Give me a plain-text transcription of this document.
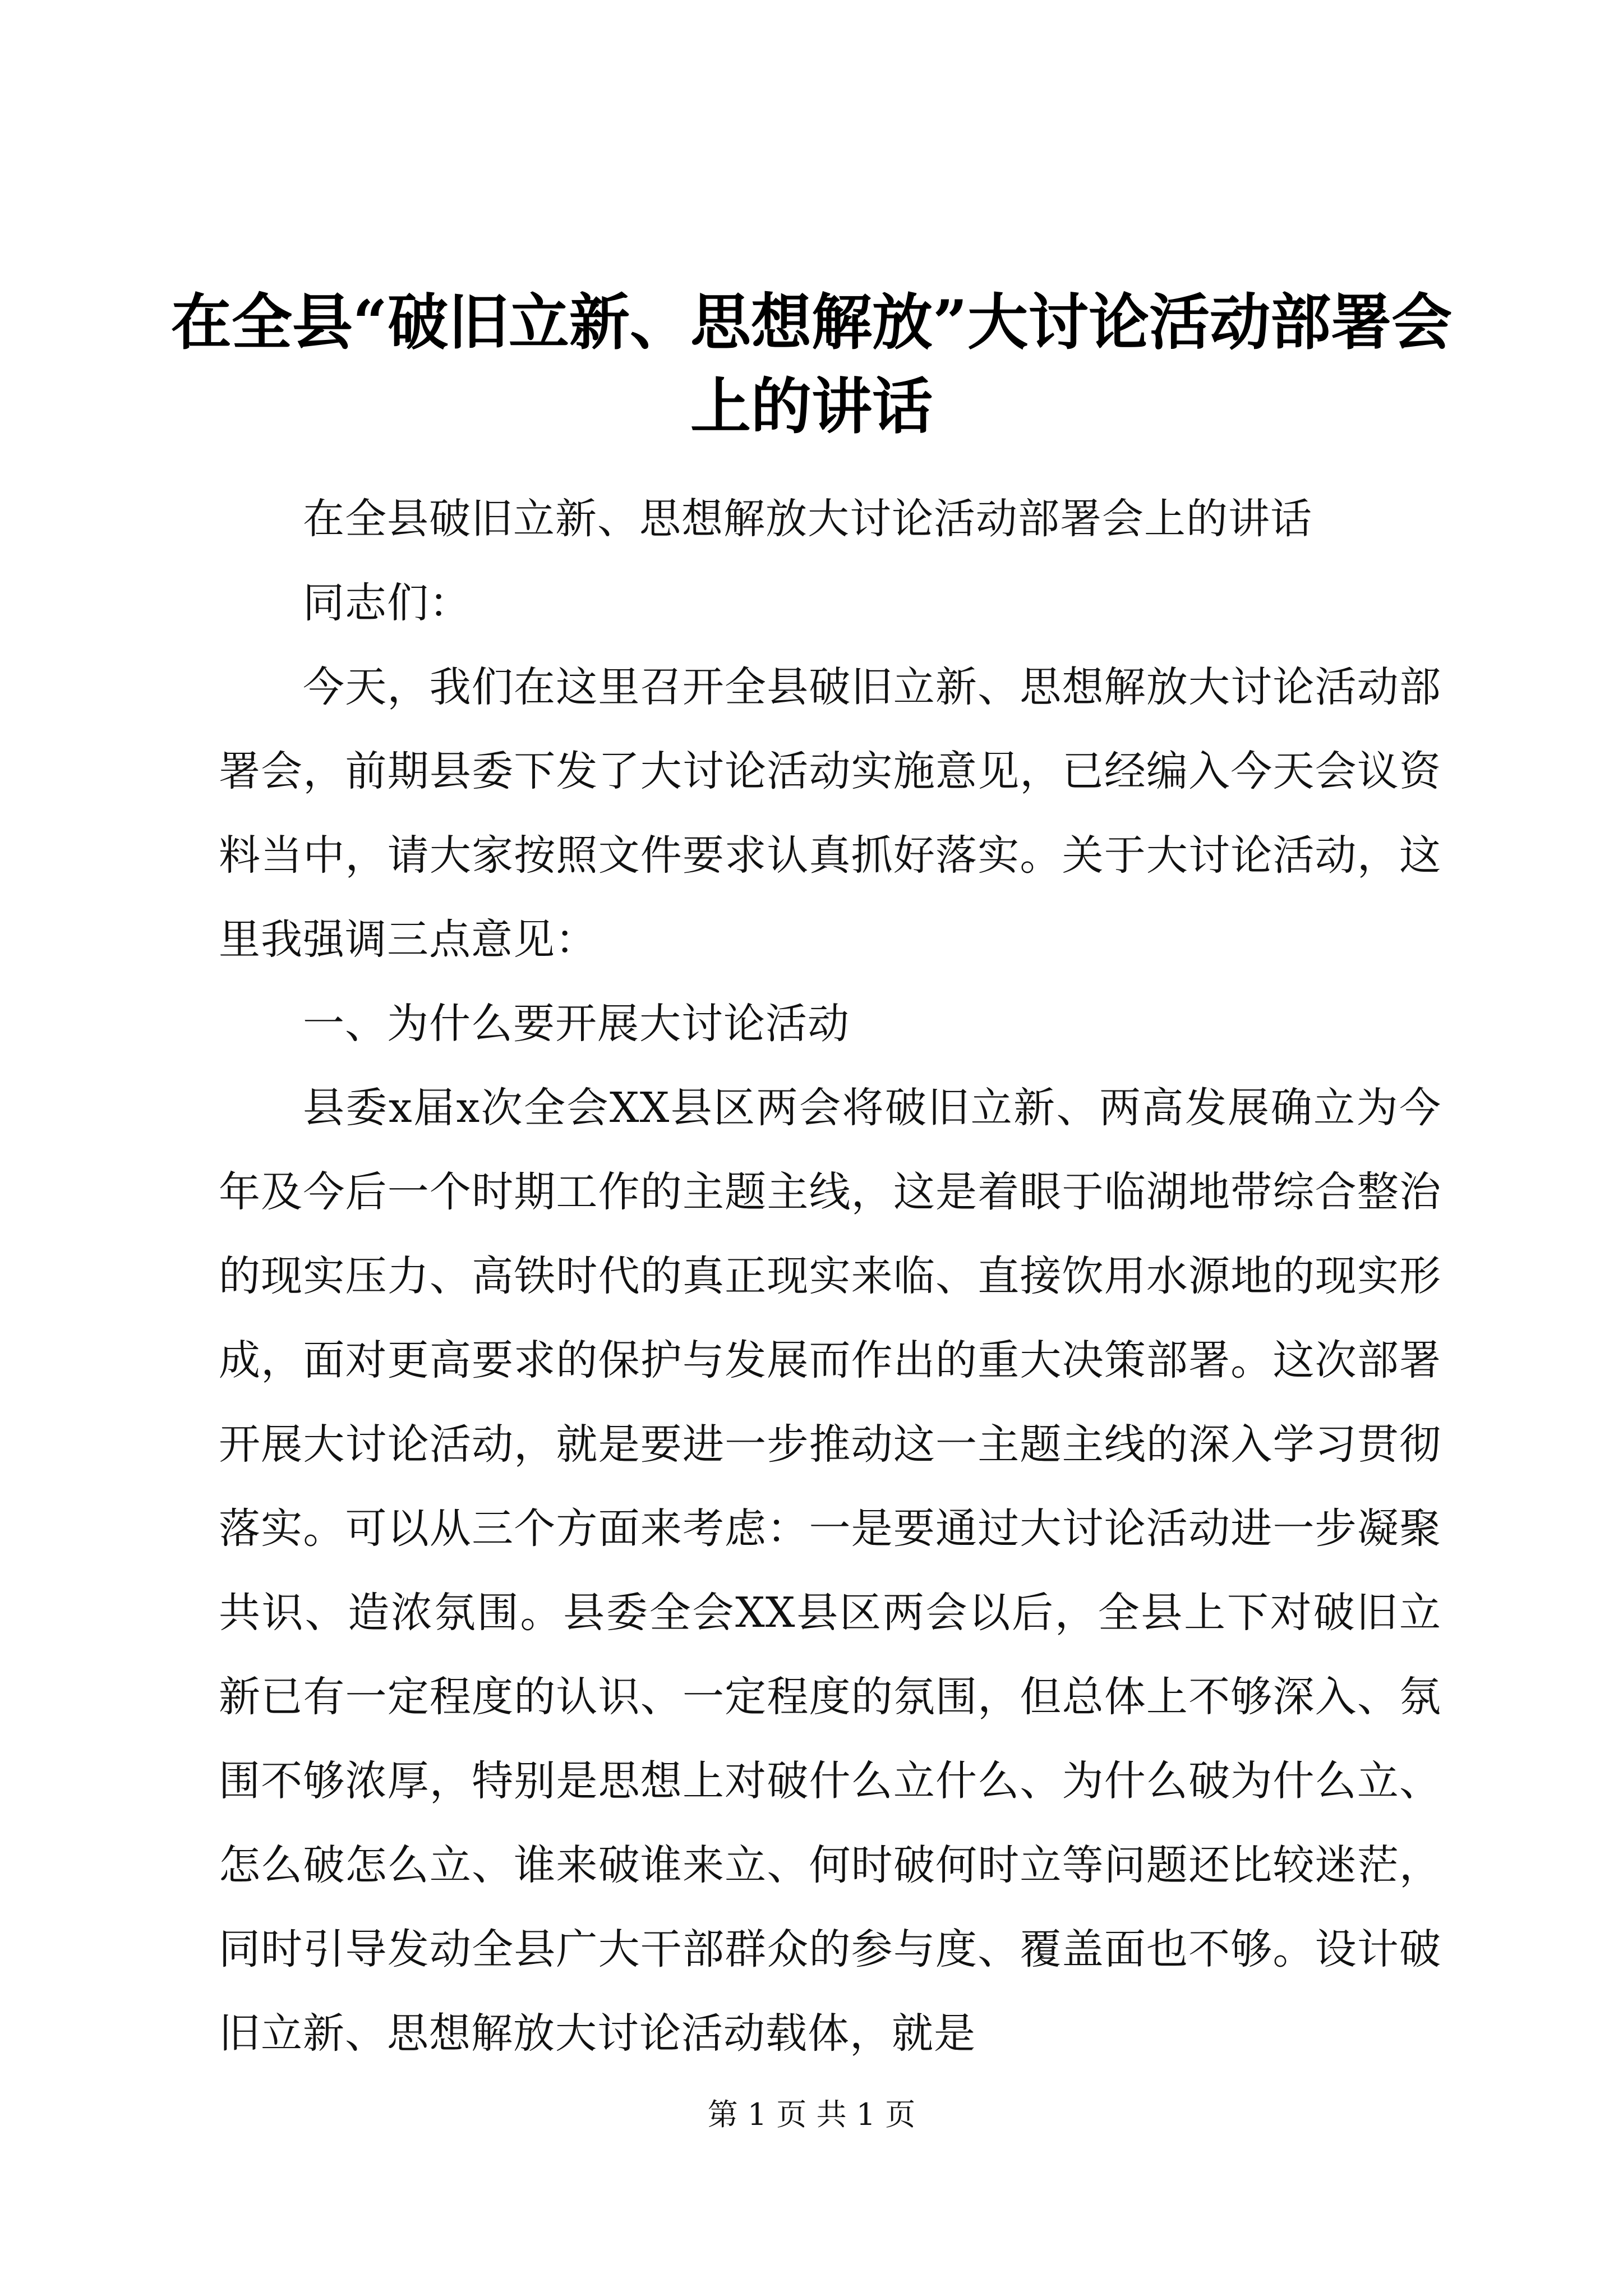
在全县“破旧立新、思想解放”大讨论活动部署会上的讲话

在全县破旧立新、思想解放大讨论活动部署会上的讲话

同志们：

今天，我们在这里召开全县破旧立新、思想解放大讨论活动部署会，前期县委下发了大讨论活动实施意见，已经编入今天会议资料当中，请大家按照文件要求认真抓好落实。关于大讨论活动，这里我强调三点意见：

一、为什么要开展大讨论活动

县委x届x次全会XX县区两会将破旧立新、两高发展确立为今年及今后一个时期工作的主题主线，这是着眼于临湖地带综合整治的现实压力、高铁时代的真正现实来临、直接饮用水源地的现实形成，面对更高要求的保护与发展而作出的重大决策部署。这次部署开展大讨论活动，就是要进一步推动这一主题主线的深入学习贯彻落实。可以从三个方面来考虑：一是要通过大讨论活动进一步凝聚共识、造浓氛围。县委全会XX县区两会以后，全县上下对破旧立新已有一定程度的认识、一定程度的氛围，但总体上不够深入、氛围不够浓厚，特别是思想上对破什么立什么、为什么破为什么立、怎么破怎么立、谁来破谁来立、何时破何时立等问题还比较迷茫，同时引导发动全县广大干部群众的参与度、覆盖面也不够。设计破旧立新、思想解放大讨论活动载体，就是

第 1 页 共 1 页
